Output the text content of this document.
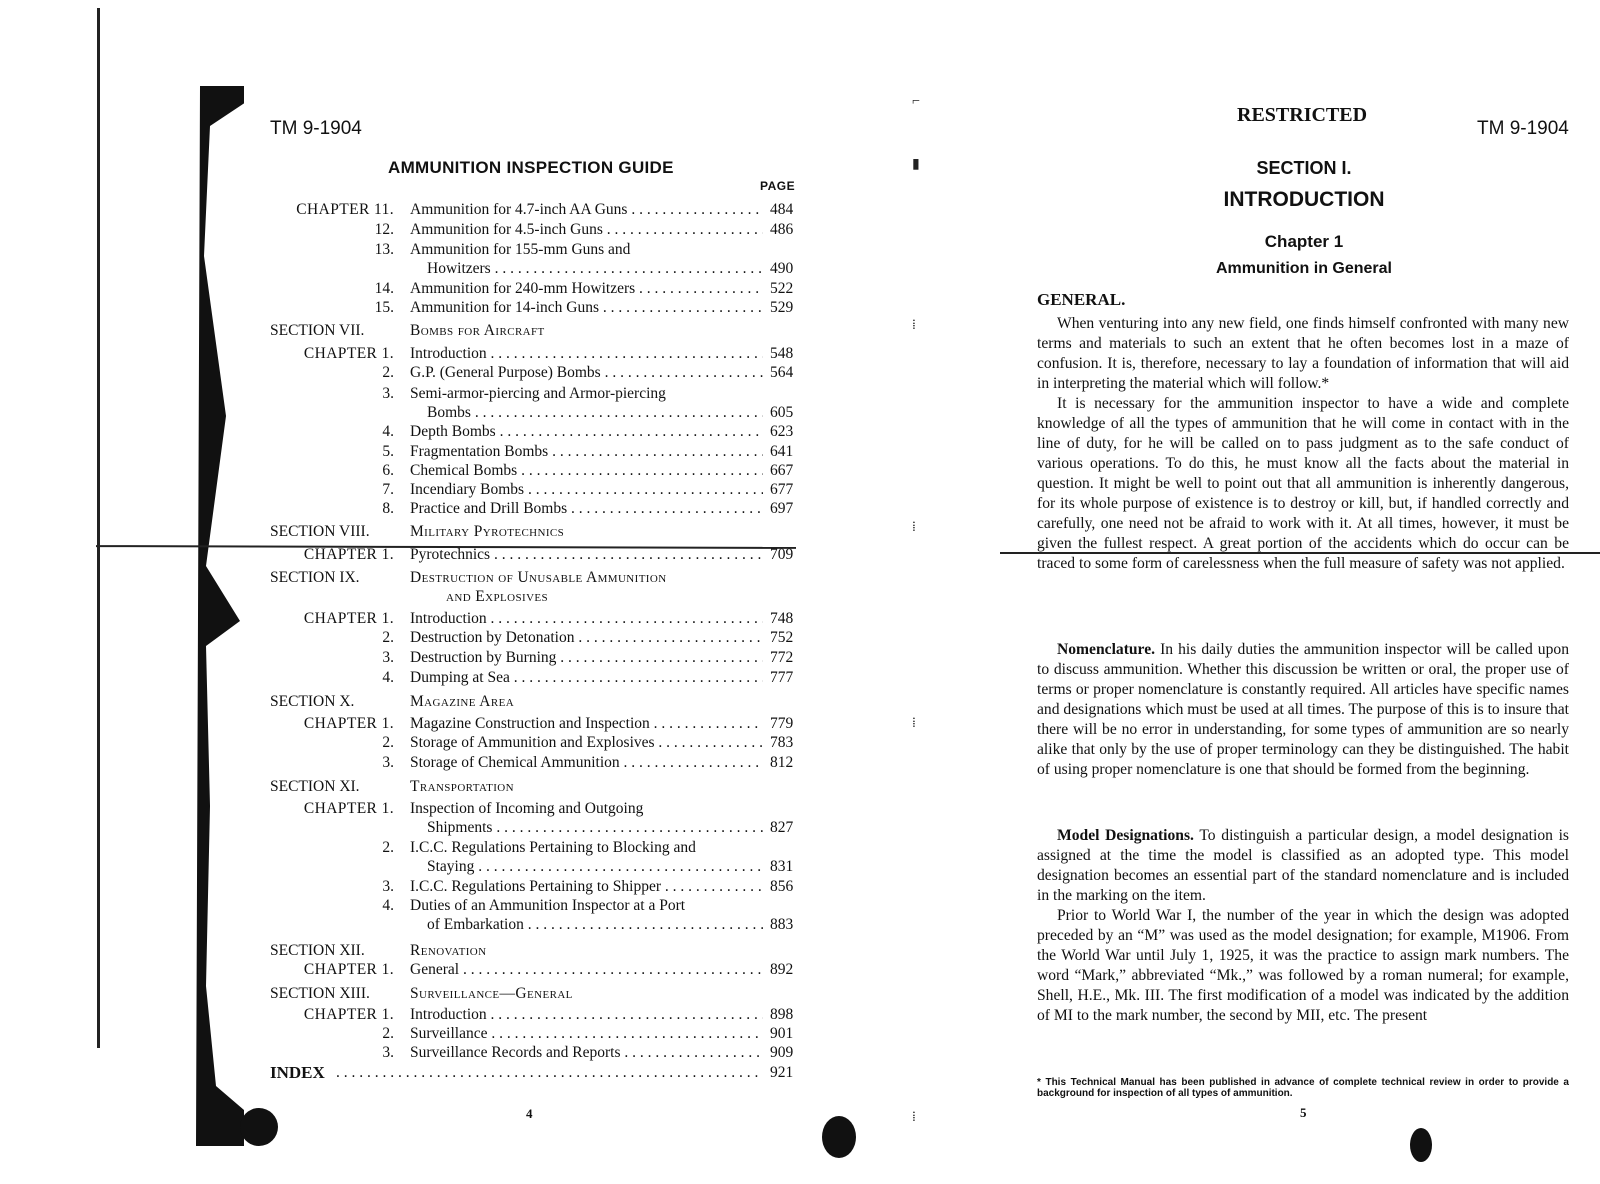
⌐
▮
⁞
⁞
⁞
⁞
TM 9-1904
AMMUNITION INSPECTION GUIDE
PAGE
CHAPTER 11. Ammunition for 4.7-inch AA Guns . . .	484
12. Ammunition for 4.5-inch Guns . . .	486
13. Ammunition for 155-mm Guns and
Howitzers . . .	490
14. Ammunition for 240-mm Howitzers . . .	522
15. Ammunition for 14-inch Guns . . .	529
SECTION VII.	Bombs for Aircraft
CHAPTER 1. Introduction . . .	548
2. G.P. (General Purpose) Bombs . . .	564
3. Semi-armor-piercing and Armor-piercing
Bombs . . .	605
4. Depth Bombs . . .	623
5. Fragmentation Bombs . . .	641
6. Chemical Bombs . . .	667
7. Incendiary Bombs . . .	677
8. Practice and Drill Bombs . . .	697
SECTION VIII.	Military Pyrotechnics
CHAPTER 1. Pyrotechnics . . .	709
SECTION IX.	Destruction of Unusable Ammunition
and Explosives
CHAPTER 1. Introduction . . .	748
2. Destruction by Detonation . . .	752
3. Destruction by Burning . . .	772
4. Dumping at Sea . . .	777
SECTION X.	Magazine Area
CHAPTER 1. Magazine Construction and Inspection . . .	779
2. Storage of Ammunition and Explosives . . .	783
3. Storage of Chemical Ammunition . . .	812
SECTION XI.	Transportation
CHAPTER 1. Inspection of Incoming and Outgoing
Shipments . . .	827
2. I.C.C. Regulations Pertaining to Blocking and
Staying . . .	831
3. I.C.C. Regulations Pertaining to Shipper . . .	856
4. Duties of an Ammunition Inspector at a Port
of Embarkation . . .	883
SECTION XII.	Renovation
CHAPTER 1. General . . .	892
SECTION XIII.	Surveillance—General
CHAPTER 1. Introduction . . .	898
2. Surveillance . . .	901
3. Surveillance Records and Reports . . .	909
INDEX . . .	921
4
RESTRICTED
TM 9-1904
SECTION I.
INTRODUCTION
Chapter 1
Ammunition in General
GENERAL.

When venturing into any new field, one finds himself confronted with many new terms and materials to such an extent that he often becomes lost in a maze of confusion. It is, therefore, necessary to lay a foundation of information that will aid in interpreting the material which will follow.*

It is necessary for the ammunition inspector to have a wide and complete knowledge of all the types of ammunition that he will come in contact with in the line of duty, for he will be called on to pass judgment as to the safe conduct of various operations. To do this, he must know all the facts about the material in question. It might be well to point out that all ammunition is inherently dangerous, for its whole purpose of existence is to destroy or kill, but, if handled correctly and carefully, one need not be afraid to work with it. At all times, however, it must be given the fullest respect. A great portion of the accidents which do occur can be traced to some form of carelessness when the full measure of safety was not applied.

Nomenclature. In his daily duties the ammunition inspector will be called upon to discuss ammunition. Whether this discussion be written or oral, the proper use of terms or proper nomenclature is constantly required. All articles have specific names and designations which must be used at all times. The purpose of this is to insure that there will be no error in understanding, for some types of ammunition are so nearly alike that only by the use of proper terminology can they be distinguished. The habit of using proper nomenclature is one that should be formed from the beginning.

Model Designations. To distinguish a particular design, a model designation is assigned at the time the model is classified as an adopted type. This model designation becomes an essential part of the standard nomenclature and is included in the marking on the item.

Prior to World War I, the number of the year in which the design was adopted preceded by an “M” was used as the model designation; for example, M1906. From the World War until July 1, 1925, it was the practice to assign mark numbers. The word “Mark,” abbreviated “Mk.,” was followed by a roman numeral; for example, Shell, H.E., Mk. III. The first modification of a model was indicated by the addition of MI to the mark number, the second by MII, etc. The present

* This Technical Manual has been published in advance of complete technical review in order to provide a background for inspection of all types of ammunition.
5
